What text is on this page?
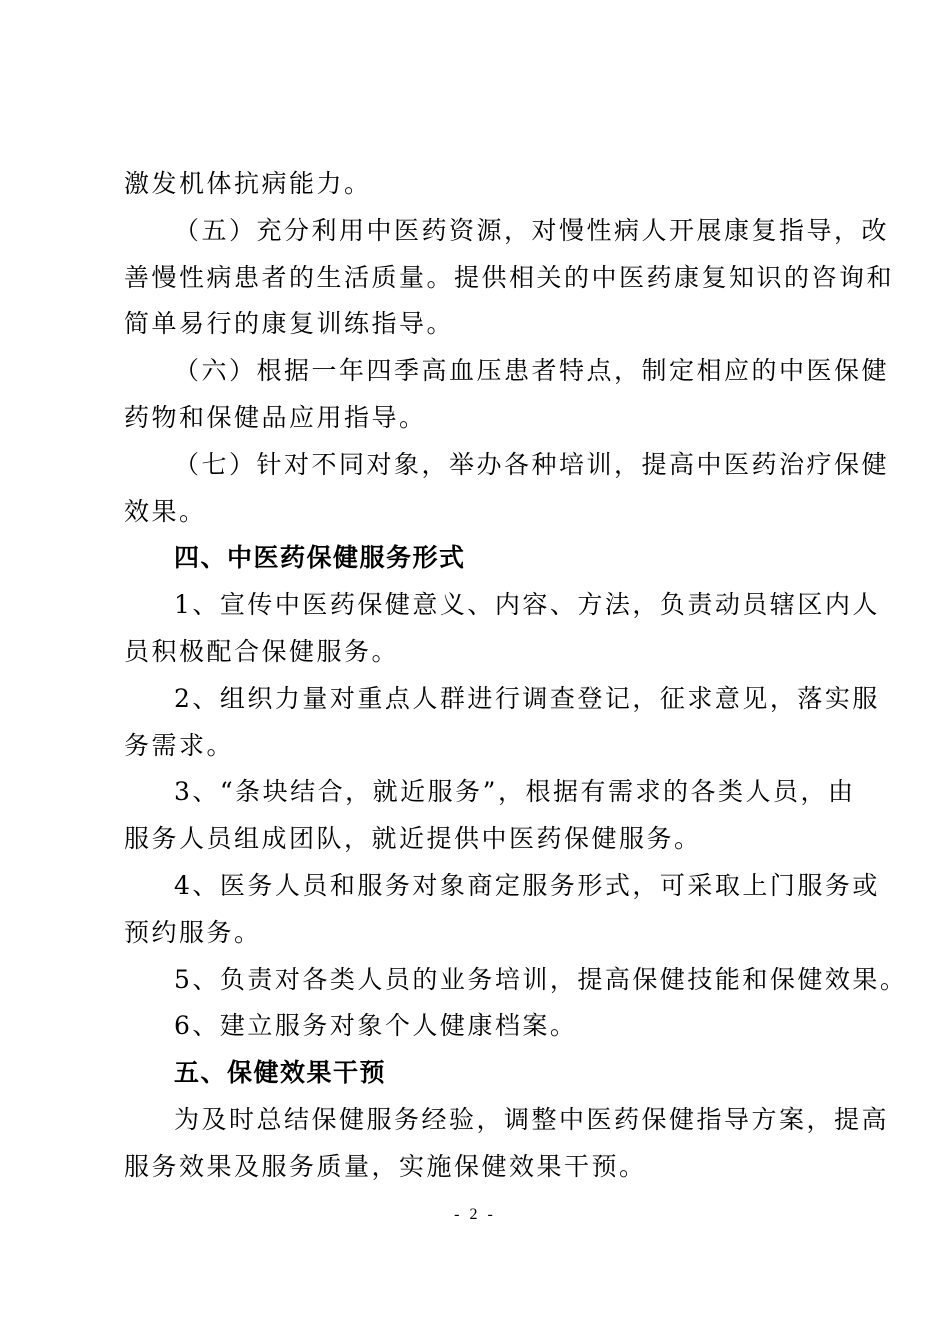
激发机体抗病能力。
（五）充分利用中医药资源，对慢性病人开展康复指导，改
善慢性病患者的生活质量。提供相关的中医药康复知识的咨询和
简单易行的康复训练指导。
（六）根据一年四季高血压患者特点，制定相应的中医保健
药物和保健品应用指导。
（七）针对不同对象，举办各种培训，提高中医药治疗保健
效果。
四、中医药保健服务形式
1、宣传中医药保健意义、内容、方法，负责动员辖区内人
员积极配合保健服务。
2、组织力量对重点人群进行调查登记，征求意见，落实服
务需求。
3、“条块结合，就近服务”，根据有需求的各类人员，由
服务人员组成团队，就近提供中医药保健服务。
4、医务人员和服务对象商定服务形式，可采取上门服务或
预约服务。
5、负责对各类人员的业务培训，提高保健技能和保健效果。
6、建立服务对象个人健康档案。
五、保健效果干预
为及时总结保健服务经验，调整中医药保健指导方案，提高
服务效果及服务质量，实施保健效果干预。
- 2 -
